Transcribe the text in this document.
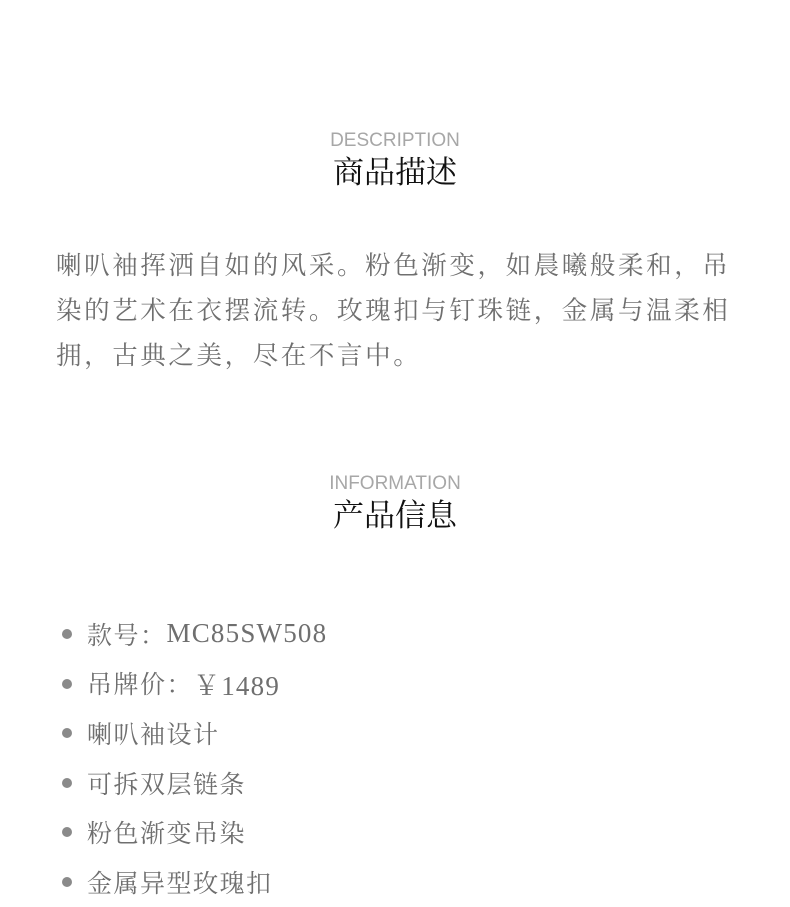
DESCRIPTION
商品描述

喇叭袖挥洒自如的风采。粉色渐变，如晨曦般柔和，吊染的艺术在衣摆流转。玫瑰扣与钉珠链，金属与温柔相拥，古典之美，尽在不言中。

INFORMATION
产品信息
款号： MC85SW508
吊牌价： ￥1489
喇叭袖设计
可拆双层链条
粉色渐变吊染
金属异型玫瑰扣
